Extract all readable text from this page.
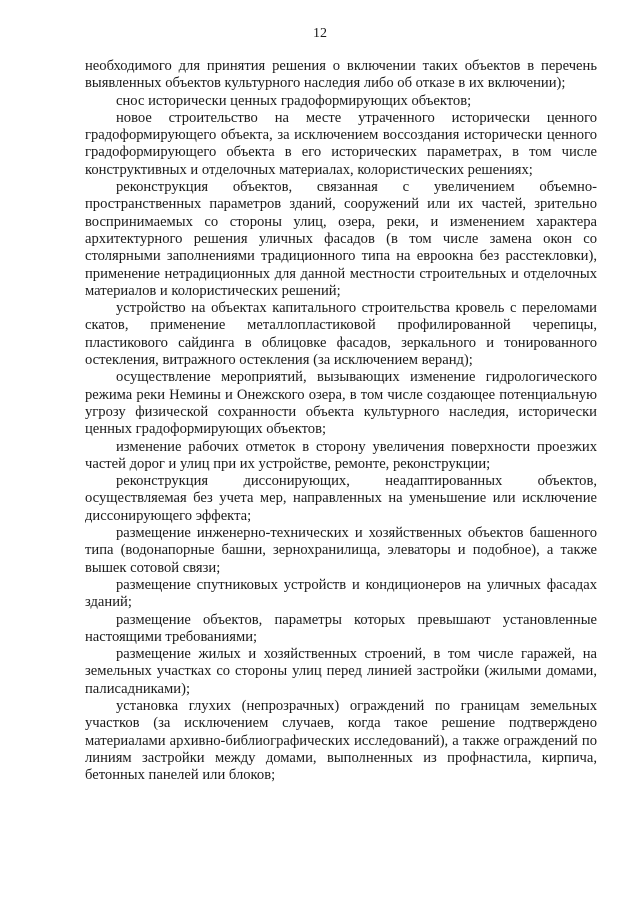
12

необходимого для принятия решения о включении таких объектов в перечень выявленных объектов культурного наследия либо об отказе в их включении);

снос исторически ценных градоформирующих объектов;

новое строительство на месте утраченного исторически ценного градоформирующего объекта, за исключением воссоздания исторически ценного градоформирующего объекта в его исторических параметрах, в том числе конструктивных и отделочных материалах, колористических решениях;

реконструкция объектов, связанная с увеличением объемно-пространственных параметров зданий, сооружений или их частей, зрительно воспринимаемых со стороны улиц, озера, реки, и изменением характера архитектурного решения уличных фасадов (в том числе замена окон со столярными заполнениями традиционного типа на евроокна без расстекловки), применение нетрадиционных для данной местности строительных и отделочных материалов и колористических решений;

устройство на объектах капитального строительства кровель с переломами скатов, применение металлопластиковой профилированной черепицы, пластикового сайдинга в облицовке фасадов, зеркального и тонированного остекления, витражного остекления (за исключением веранд);

осуществление мероприятий, вызывающих изменение гидрологического режима реки Немины и Онежского озера, в том числе создающее потенциальную угрозу физической сохранности объекта культурного наследия, исторически ценных градоформирующих объектов;

изменение рабочих отметок в сторону увеличения поверхности проезжих частей дорог и улиц при их устройстве, ремонте, реконструкции;

реконструкция диссонирующих, неадаптированных объектов, осуществляемая без учета мер, направленных на уменьшение или исключение диссонирующего эффекта;

размещение инженерно-технических и хозяйственных объектов башенного типа (водонапорные башни, зернохранилища, элеваторы и подобное), а также вышек сотовой связи;

размещение спутниковых устройств и кондиционеров на уличных фасадах зданий;

размещение объектов, параметры которых превышают установленные настоящими требованиями;

размещение жилых и хозяйственных строений, в том числе гаражей, на земельных участках со стороны улиц перед линией застройки (жилыми домами, палисадниками);

установка глухих (непрозрачных) ограждений по границам земельных участков (за исключением случаев, когда такое решение подтверждено материалами архивно-библиографических исследований), а также ограждений по линиям застройки между домами, выполненных из профнастила, кирпича, бетонных панелей или блоков;
